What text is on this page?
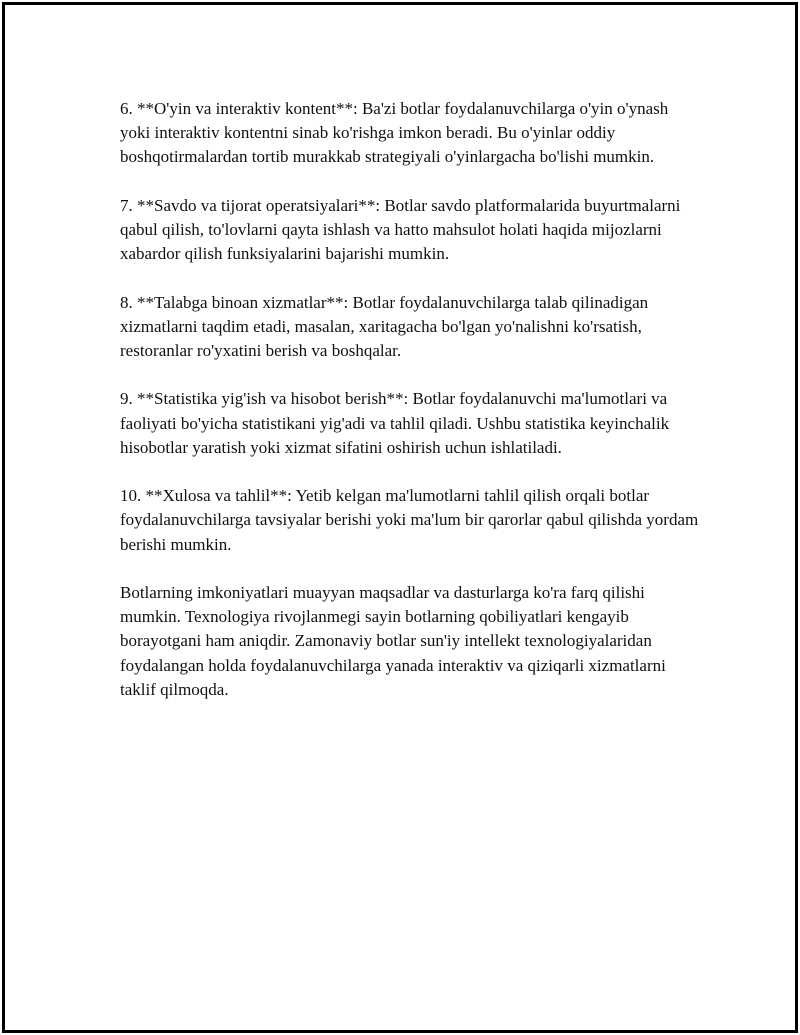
6. **O'yin va interaktiv kontent**: Ba'zi botlar foydalanuvchilarga o'yin o'ynash yoki interaktiv kontentni sinab ko'rishga imkon beradi. Bu o'yinlar oddiy boshqotirmalardan tortib murakkab strategiyali o'yinlargacha bo'lishi mumkin.

7. **Savdo va tijorat operatsiyalari**: Botlar savdo platformalarida buyurtmalarni qabul qilish, to'lovlarni qayta ishlash va hatto mahsulot holati haqida mijozlarni xabardor qilish funksiyalarini bajarishi mumkin.

8. **Talabga binoan xizmatlar**: Botlar foydalanuvchilarga talab qilinadigan xizmatlarni taqdim etadi, masalan, xaritagacha bo'lgan yo'nalishni ko'rsatish, restoranlar ro'yxatini berish va boshqalar.

9. **Statistika yig'ish va hisobot berish**: Botlar foydalanuvchi ma'lumotlari va faoliyati bo'yicha statistikani yig'adi va tahlil qiladi. Ushbu statistika keyinchalik hisobotlar yaratish yoki xizmat sifatini oshirish uchun ishlatiladi.

10. **Xulosa va tahlil**: Yetib kelgan ma'lumotlarni tahlil qilish orqali botlar foydalanuvchilarga tavsiyalar berishi yoki ma'lum bir qarorlar qabul qilishda yordam berishi mumkin.

Botlarning imkoniyatlari muayyan maqsadlar va dasturlarga ko'ra farq qilishi mumkin. Texnologiya rivojlanmegi sayin botlarning qobiliyatlari kengayib borayotgani ham aniqdir. Zamonaviy botlar sun'iy intellekt texnologiyalaridan foydalangan holda foydalanuvchilarga yanada interaktiv va qiziqarli xizmatlarni taklif qilmoqda.
